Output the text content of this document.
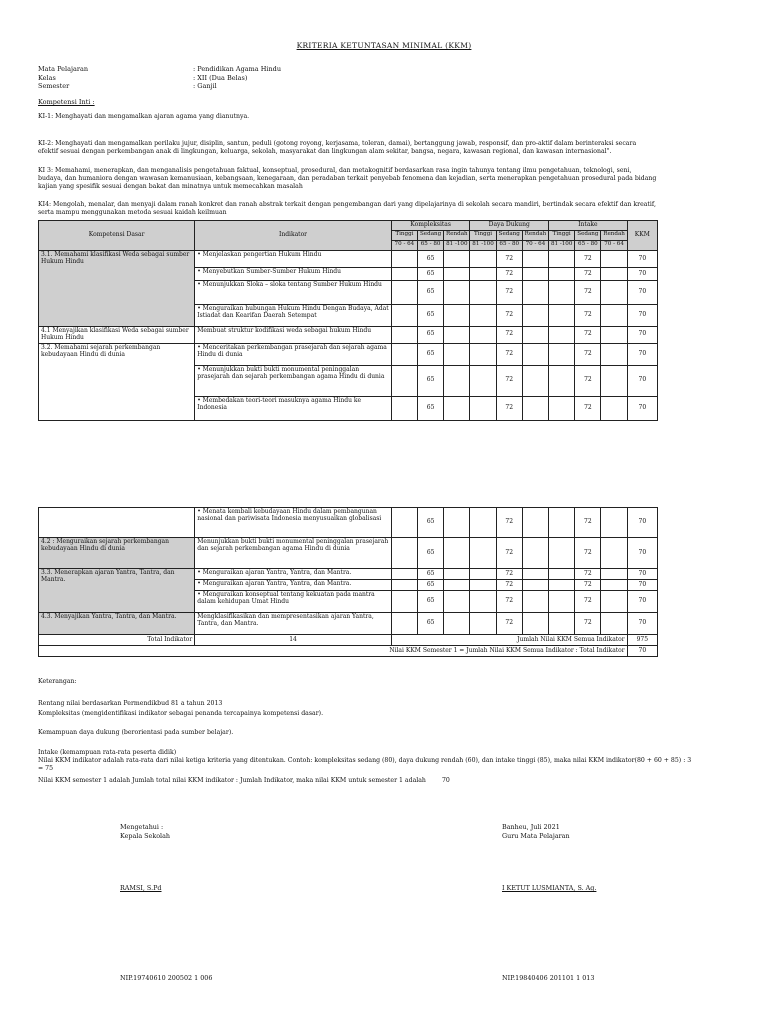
KRITERIA KETUNTASAN MINIMAL (KKM)
Mata Pelajaran	: Pendidikan Agama Hindu
Kelas	: XII (Dua Belas)
Semester	: Ganjil
Kompetensi Inti :
KI-1: Menghayati dan mengamalkan ajaran agama yang dianutnya.
KI-2: Menghayati dan mengamalkan perilaku jujur, disiplin, santun, peduli (gotong royong, kerjasama, toleran, damai), bertanggung jawab, responsif, dan pro-aktif dalam berinteraksi secara efektif sesuai dengan perkembangan anak di lingkungan, keluarga, sekolah, masyarakat dan lingkungan alam sekitar, bangsa, negara, kawasan regional, dan kawasan internasional".
KI 3: Memahami, menerapkan, dan menganalisis pengetahuan faktual, konseptual, prosedural, dan metakognitif berdasarkan rasa ingin tahunya tentang ilmu pengetahuan, teknologi, seni, budaya, dan humaniora dengan wawasan kemanusiaan, kebangsaan, kenegaraan, dan peradaban terkait penyebab fenomena dan kejadian, serta menerapkan pengetahuan prosedural pada bidang kajian yang spesifik sesuai dengan bakat dan minatnya untuk memecahkan masalah
KI4: Mengolah, menalar, dan menyaji dalam ranah konkret dan ranah abstrak terkait dengan pengembangan dari yang dipelajarinya di sekolah secara mandiri, bertindak secara efektif dan kreatif, serta mampu menggunakan metoda sesuai kaidah keilmuan
Kompetensi Dasar	Indikator	Kompleksitas			Daya Dukung			Intake			KKM
		Tinggi	Sedang	Rendah	Tinggi	Sedang	Rendah	Tinggi	Sedang	Rendah	
		70 - 64	65 - 80	81 -100	81 -100	65 - 80	70 - 64	81 -100	65 - 80	70 - 64	
3.1. Memahami klasifikasi Weda sebagai sumber Hukum Hindu	• Menjelaskan pengertian Hukum Hindu		65			72			72		70
	• Menyebutkan Sumber-Sumber Hukum Hindu		65			72			72		70
	• Menunjukkan Sloka – sloka tentang Sumber Hukum Hindu		65			72			72		70
	• Menguraikan hubungan Hukum Hindu Dengan Budaya, Adat Istiadat dan Kearifan Daerah Setempat		65			72			72		70
4.1 Menyajikan klasifikasi Weda sebagai sumber Hukum Hindu	Membuat struktur kodifikasi weda sebagai hukum Hindu		65			72			72		70
3.2. Memahami sejarah perkembangan kebudayaan Hindu di dunia	• Menceritakan perkembangan prasejarah dan sejarah agama Hindu di dunia		65			72			72		70
	• Menunjukkan bukti bukti monumental peninggalan prasejarah dan sejarah perkembangan agama Hindu di dunia		65			72			72		70
	• Membedakan teori-teori masuknya agama Hindu ke Indonesia		65			72			72		70
	• Menata kembali kebudayaan Hindu dalam pembangunan nasional dan pariwisata Indonesia menyusuaikan globalisasi		65			72			72		70
4.2 : Menguraikan sejarah perkembangan kebudayaan Hindu di dunia	Menunjukkan bukti bukti monumental peninggalan prasejarah dan sejarah perkembangan agama Hindu di dunia		65			72			72		70
3.3. Menerapkan ajaran Yantra, Tantra, dan Mantra.	• Menguraikan ajaran Yantra, Yantra, dan Mantra.		65			72			72		70
	• Menguraikan ajaran Yantra, Yantra, dan Mantra.		65			72			72		70
	• Menguraikan konseptual tentang kekuatan pada mantra dalam kehidupan Umat Hindu		65			72			72		70
4.3. Menyajikan Yantra, Tantra, dan Mantra.	Mengklasifikasikan dan mempresentasikan ajaran Yantra, Tantra, dan Mantra.		65			72			72		70
Total Indikator	14	Jumlah Nilai KKM Semua Indikator									975
Nilai KKM Semester 1 = Jumlah Nilai KKM Semua Indikator : Total Indikator											70
Keterangan:
Rentang nilai berdasarkan Permendikbud 81 a tahun 2013
Kompleksitas (mengidentifikasi indikator sebagai penanda tercapainya kompetensi dasar).
Kemampuan daya dukung (berorientasi pada sumber belajar).
Intake (kemampuan rata-rata peserta didik)
Nilai KKM indikator adalah rata-rata dari nilai ketiga kriteria yang ditentukan. Contoh: kompleksitas sedang (80), daya dukung rendah (60), dan intake tinggi (85), maka nilai KKM indikator(80 + 60 + 85) : 3 = 75
Nilai KKM semester 1 adalah Jumlah total nilai KKM indikator : Jumlah Indikator, maka nilai KKM untuk semester 1 adalah	70
Mengetahui :
Kepala Sekolah
RAMSI, S.Pd
NIP.19740610 200502 1 006
Banheu, Juli 2021
Guru Mata Pelajaran
I KETUT LUSMIANTA, S. Ag.
NIP.19840406 201101 1 013
